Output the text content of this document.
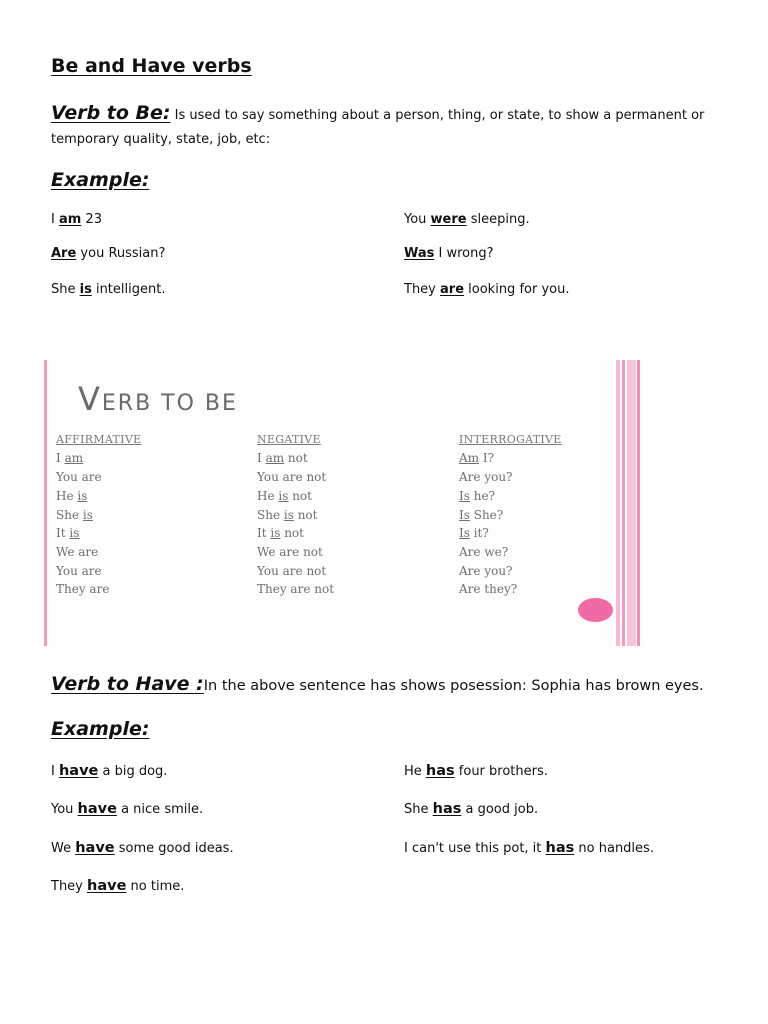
Be and Have verbs
Verb to Be: Is used to say something about a person, thing, or state, to show a permanent or
temporary quality, state, job, etc:
Example:
I am 23
Are you Russian?
She is intelligent.
You were sleeping.
Was I wrong?
They are looking for you.
VERB TO BE
AFFIRMATIVE
I am
You are
He is
She is
It is
We are
You are
They are
NEGATIVE
I am not
You are not
He is not
She is not
It is not
We are not
You are not
They are not
INTERROGATIVE
Am I?
Are you?
Is he?
Is She?
Is it?
Are we?
Are you?
Are they?
Verb to Have :In the above sentence has shows posession: Sophia has brown eyes.
Example:
I have a big dog.
You have a nice smile.
We have some good ideas.
They have no time.
He has four brothers.
She has a good job.
I can't use this pot, it has no handles.
